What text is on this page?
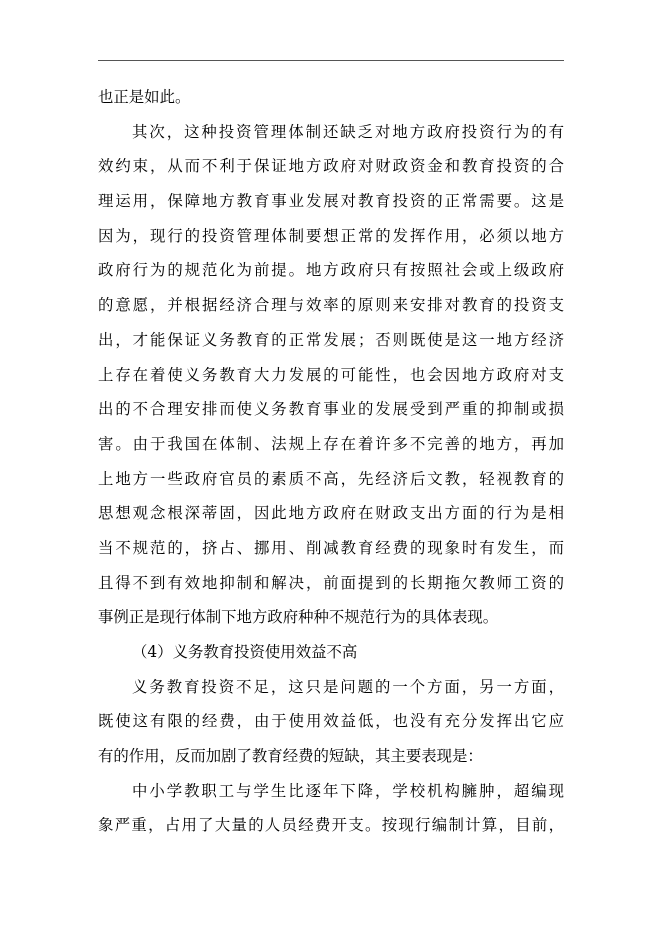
也正是如此。
其次，这种投资管理体制还缺乏对地方政府投资行为的有
效约束，从而不利于保证地方政府对财政资金和教育投资的合
理运用，保障地方教育事业发展对教育投资的正常需要。这是
因为，现行的投资管理体制要想正常的发挥作用，必须以地方
政府行为的规范化为前提。地方政府只有按照社会或上级政府
的意愿，并根据经济合理与效率的原则来安排对教育的投资支
出，才能保证义务教育的正常发展；否则既使是这一地方经济
上存在着使义务教育大力发展的可能性，也会因地方政府对支
出的不合理安排而使义务教育事业的发展受到严重的抑制或损
害。由于我国在体制、法规上存在着许多不完善的地方，再加
上地方一些政府官员的素质不高，先经济后文教，轻视教育的
思想观念根深蒂固，因此地方政府在财政支出方面的行为是相
当不规范的，挤占、挪用、削减教育经费的现象时有发生，而
且得不到有效地抑制和解决，前面提到的长期拖欠教师工资的
事例正是现行体制下地方政府种种不规范行为的具体表现。
（4）义务教育投资使用效益不高
义务教育投资不足，这只是问题的一个方面，另一方面，
既使这有限的经费，由于使用效益低，也没有充分发挥出它应
有的作用，反而加剧了教育经费的短缺，其主要表现是：
中小学教职工与学生比逐年下降，学校机构臃肿，超编现
象严重，占用了大量的人员经费开支。按现行编制计算，目前，
